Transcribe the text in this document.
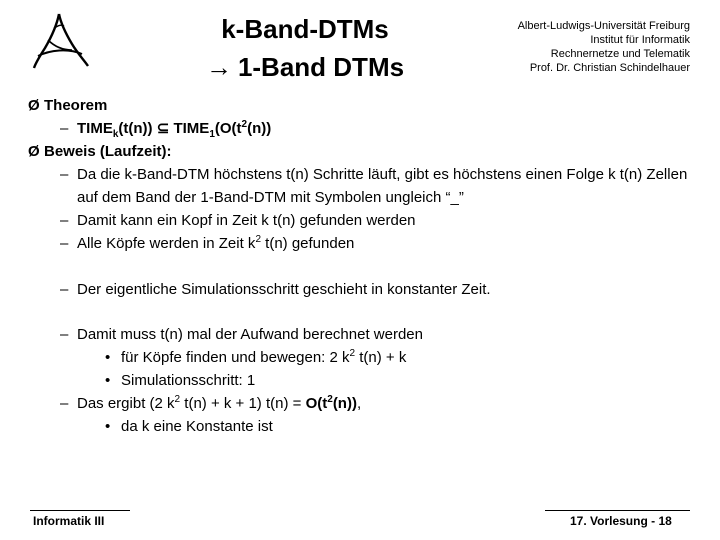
k-Band-DTMs
→ 1-Band DTMs
Albert-Ludwigs-Universität Freiburg
Institut für Informatik
Rechnernetze und Telematik
Prof. Dr. Christian Schindelhauer
Ø Theorem
– $TIME_k(t(n))$ ⊆ $TIME_1(O(t^2(n))$
Ø Beweis (Laufzeit):
– Da die k-Band-DTM höchstens t(n) Schritte läuft, gibt es höchstens einen Folge k t(n) Zellen auf dem Band der 1-Band-DTM mit Symbolen ungleich “_”
– Damit kann ein Kopf in Zeit k t(n) gefunden werden
– Alle Köpfe werden in Zeit $k^2$ t(n) gefunden
– Der eigentliche Simulationsschritt geschieht in konstanter Zeit.
– Damit muss t(n) mal der Aufwand berechnet werden
• für Köpfe finden und bewegen: 2 $k^2$ t(n) + k
• Simulationsschritt: 1
– Das ergibt (2 $k^2$ t(n) + k + 1) $t(n) = O(t^2(n))$,
• da k eine Konstante ist
Informatik III	17. Vorlesung - 18
